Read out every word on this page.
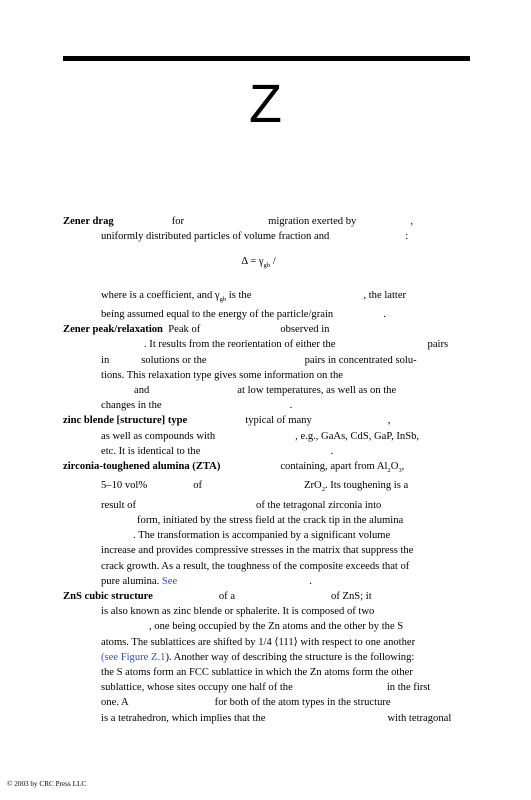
Z

Zener drag	for	migration exerted by	,

uniformly distributed particles of volume fraction and	:

$\Delta = \gamma_{gb}$ /

where is a coefficient, and $\gamma_{gb}$ is the	, the latter

being assumed equal to the energy of the particle/grain	.

Zener peak/relaxation Peak of	observed in

. It results from the reorientation of either the	pairs

in	solutions or the	pairs in concentrated solu-

tions. This relaxation type gives some information on the

and	at low temperatures, as well as on the

changes in the	.

zinc blende [structure] type	typical of many	,

as well as compounds with	, e.g., GaAs, CdS, GaP, InSb,

etc. It is identical to the	.

zirconia-toughened alumina (ZTA)	containing, apart from $Al_2O_3$,

5–10 vol%	of	ZrO$_2$. Its toughening is a

result of	of the tetragonal zirconia into

form, initiated by the stress field at the crack tip in the alumina

. The transformation is accompanied by a significant volume

increase and provides compressive stresses in the matrix that suppress the

crack growth. As a result, the toughness of the composite exceeds that of

pure alumina. See	.

ZnS cubic structure	of a	of ZnS; it

is also known as zinc blende or sphalerite. It is composed of two

, one being occupied by the Zn atoms and the other by the S

atoms. The sublattices are shifted by 1/4 ⟨111⟩ with respect to one another

(see Figure Z.1). Another way of describing the structure is the following:

the S atoms form an FCC sublattice in which the Zn atoms form the other

sublattice, whose sites occupy one half of the	in the first

one. A	for both of the atom types in the structure

is a tetrahedron, which implies that the	with tetragonal

© 2003 by CRC Press LLC
